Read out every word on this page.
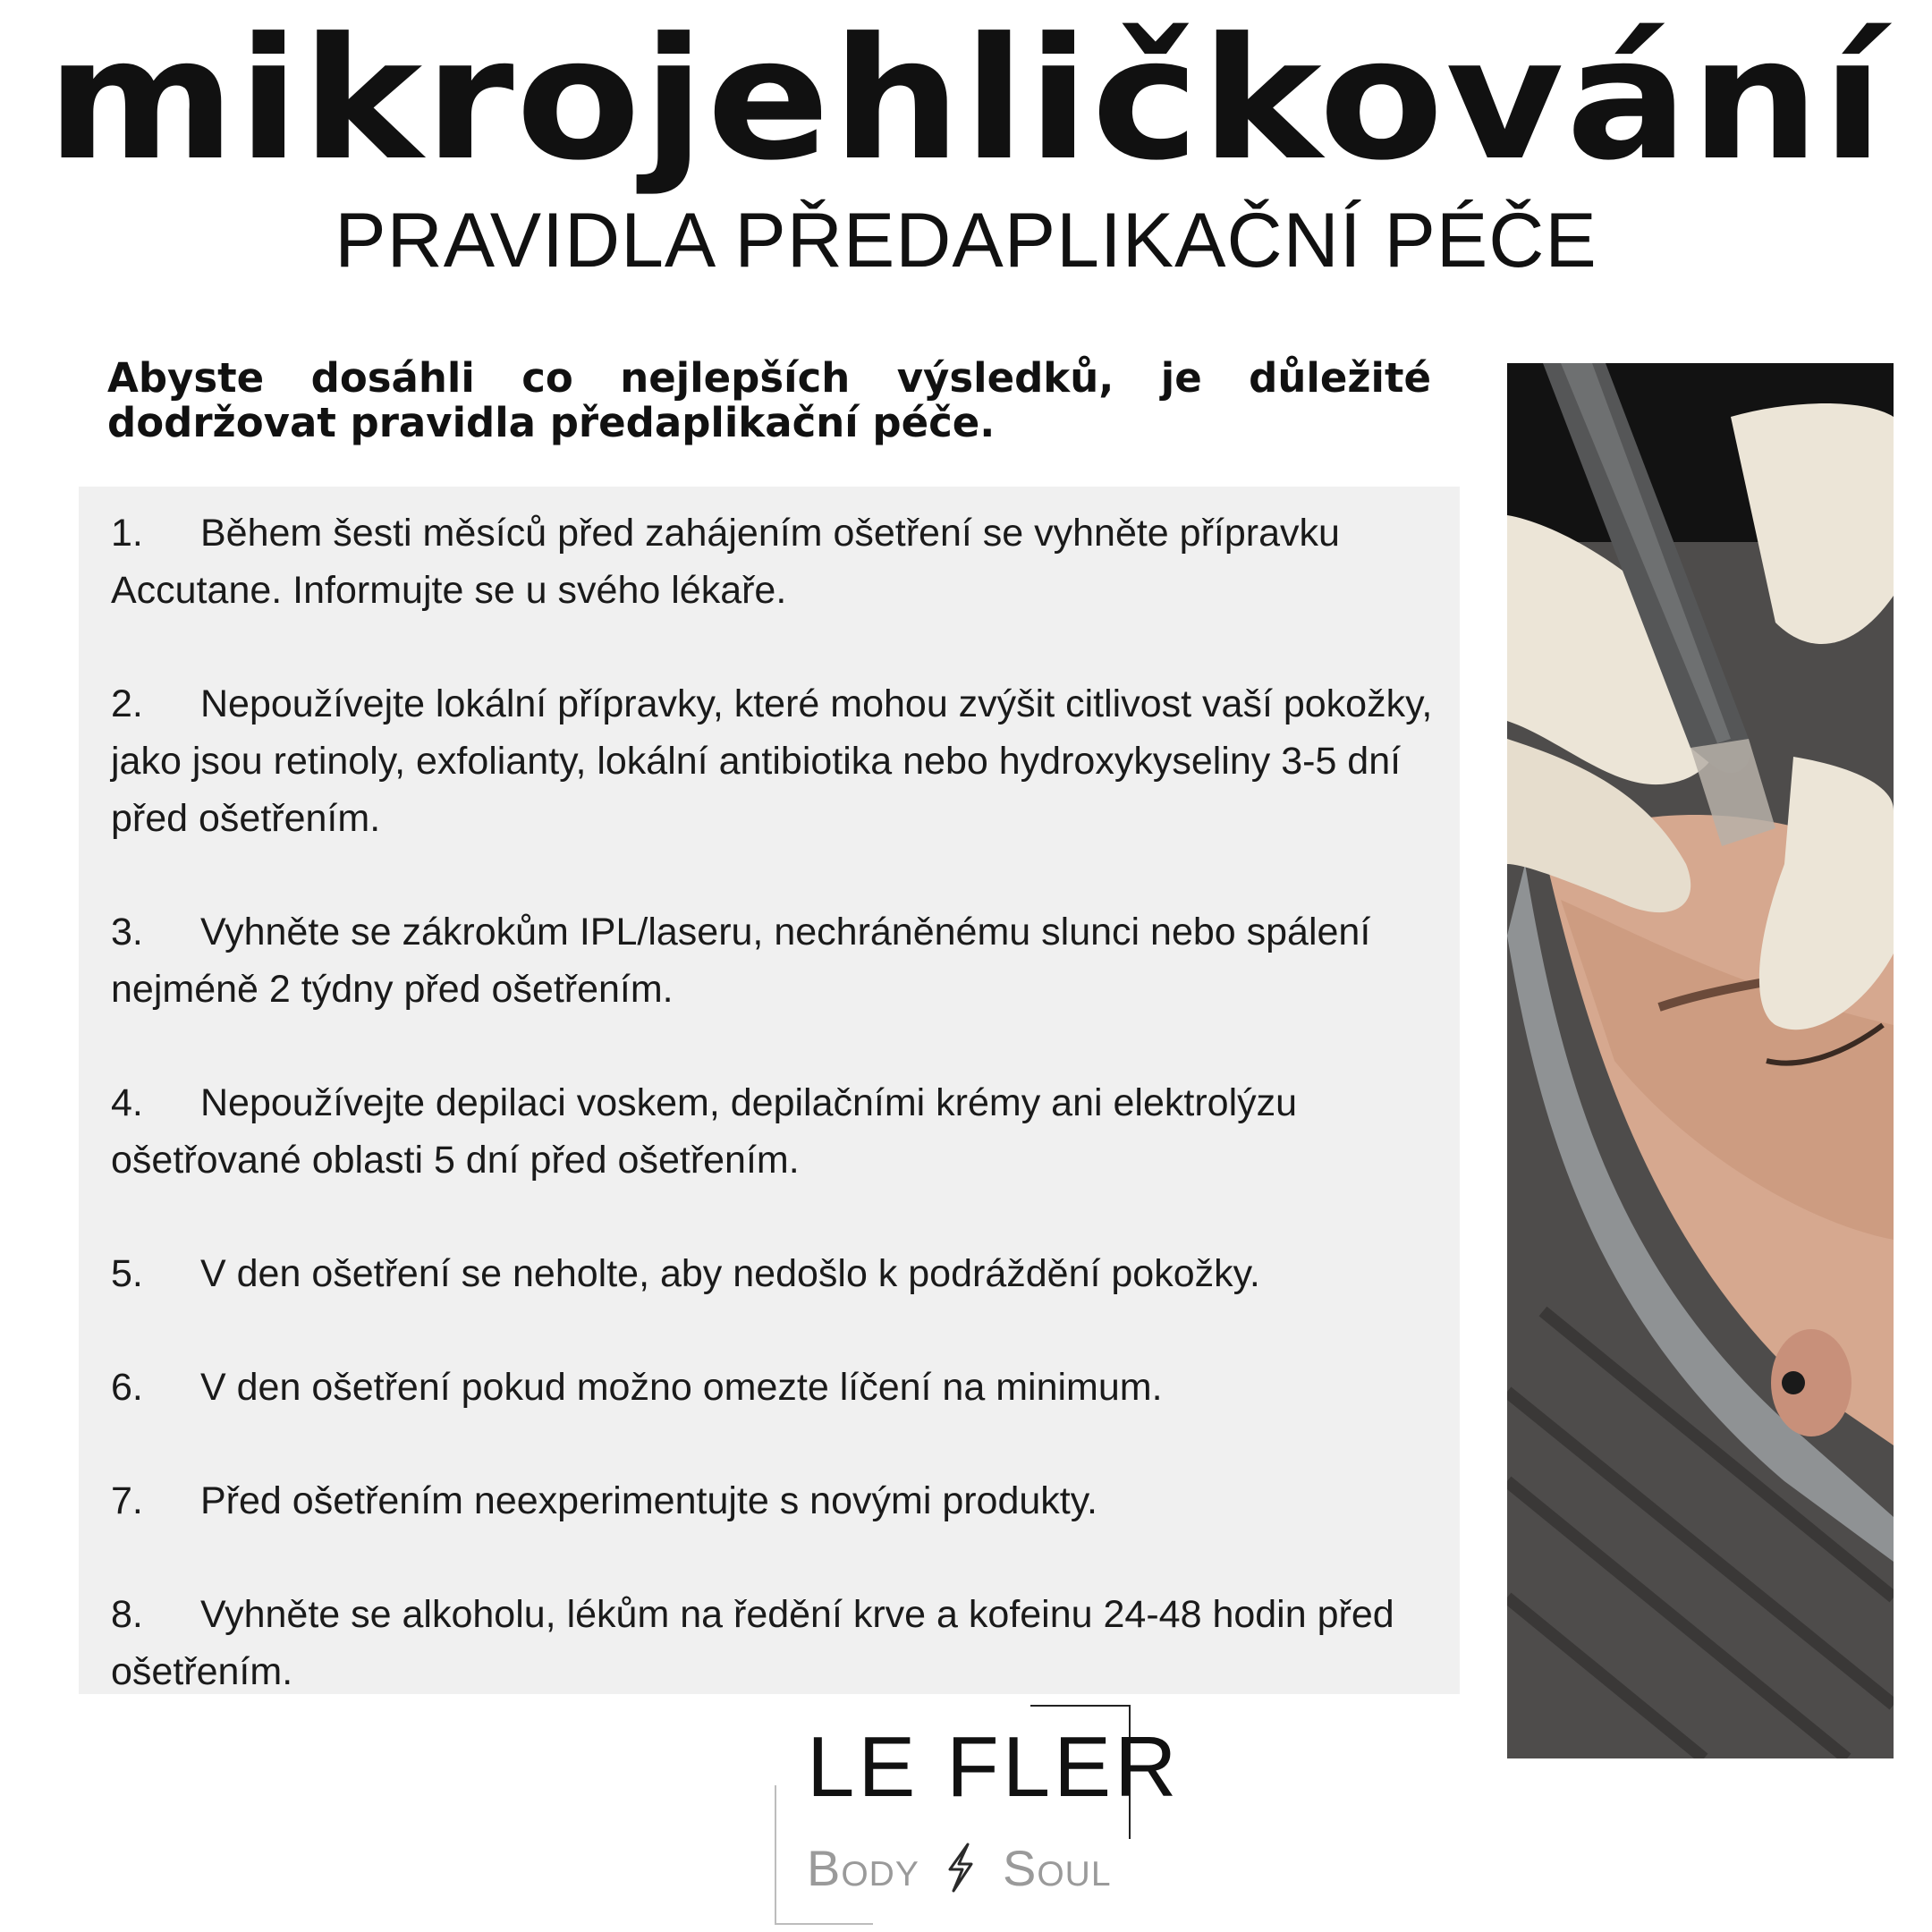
mikrojehličkování
PRAVIDLA PŘEDAPLIKAČNÍ PÉČE

Abyste dosáhli co nejlepších výsledků, je důležité dodržovat pravidla předaplikační péče.

1. Během šesti měsíců před zahájením ošetření se vyhněte přípravku Accutane. Informujte se u svého lékaře.
2. Nepoužívejte lokální přípravky, které mohou zvýšit citlivost vaší pokožky, jako jsou retinoly, exfolianty, lokální antibiotika nebo hydroxykyseliny 3-5 dní před ošetřením.
3. Vyhněte se zákrokům IPL/laseru, nechráněnému slunci nebo spálení nejméně 2 týdny před ošetřením.
4. Nepoužívejte depilaci voskem, depilačními krémy ani elektrolýzu ošetřované oblasti 5 dní před ošetřením.
5. V den ošetření se neholte, aby nedošlo k podráždění pokožky.
6. V den ošetření pokud možno omezte líčení na minimum.
7. Před ošetřením neexperimentujte s novými produkty.
8. Vyhněte se alkoholu, lékům na ředění krve a kofeinu 24-48 hodin před ošetřením.
LE FLER
Body Soul
